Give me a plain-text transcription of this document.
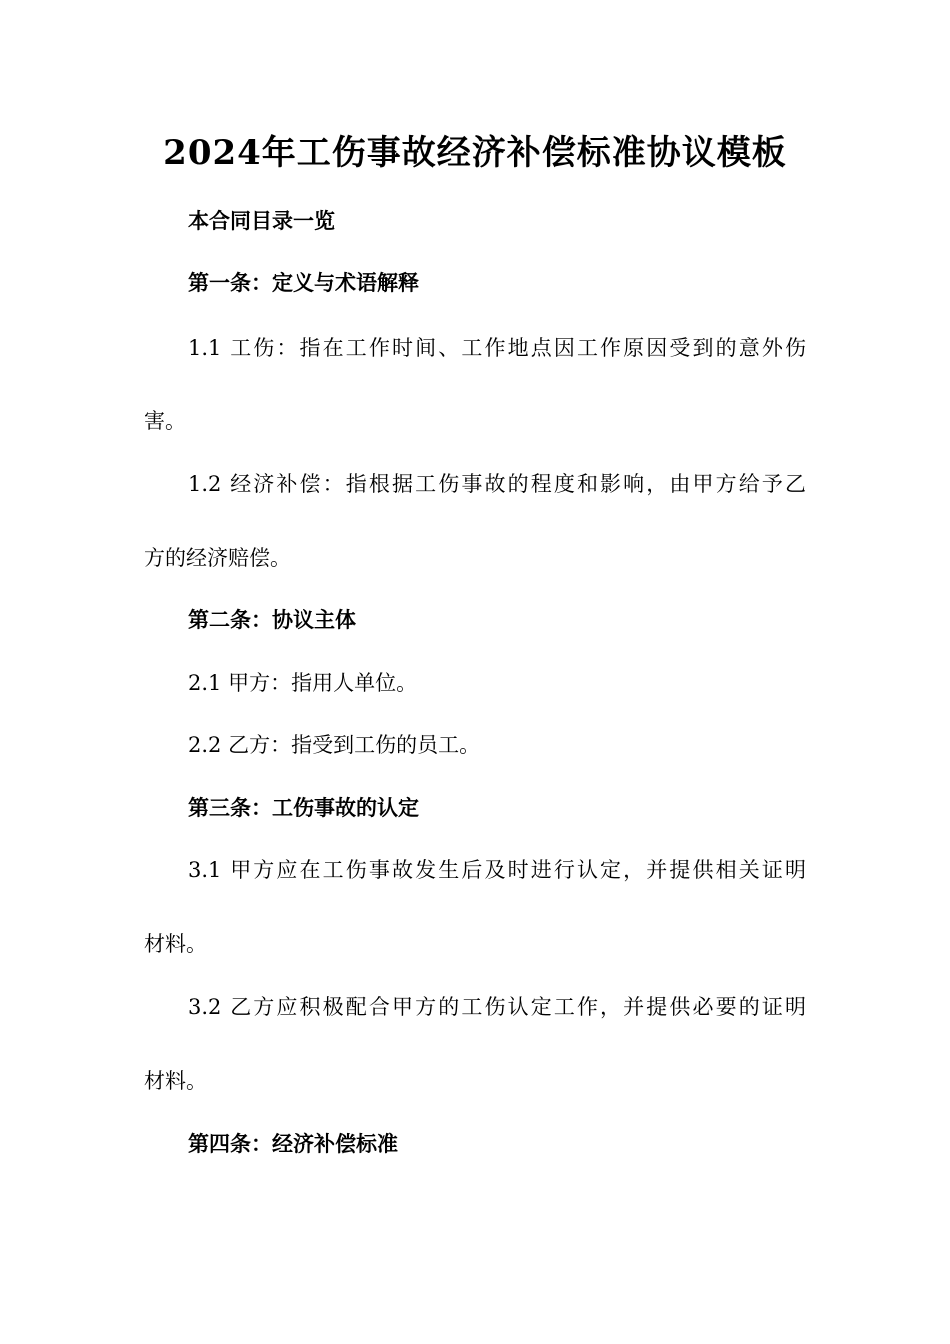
2024年工伤事故经济补偿标准协议模板
本合同目录一览
第一条：定义与术语解释
1.1 工伤：指在工作时间、工作地点因工作原因受到的意外伤
害。
1.2 经济补偿：指根据工伤事故的程度和影响，由甲方给予乙
方的经济赔偿。
第二条：协议主体
2.1 甲方：指用人单位。
2.2 乙方：指受到工伤的员工。
第三条：工伤事故的认定
3.1 甲方应在工伤事故发生后及时进行认定，并提供相关证明
材料。
3.2 乙方应积极配合甲方的工伤认定工作，并提供必要的证明
材料。
第四条：经济补偿标准
